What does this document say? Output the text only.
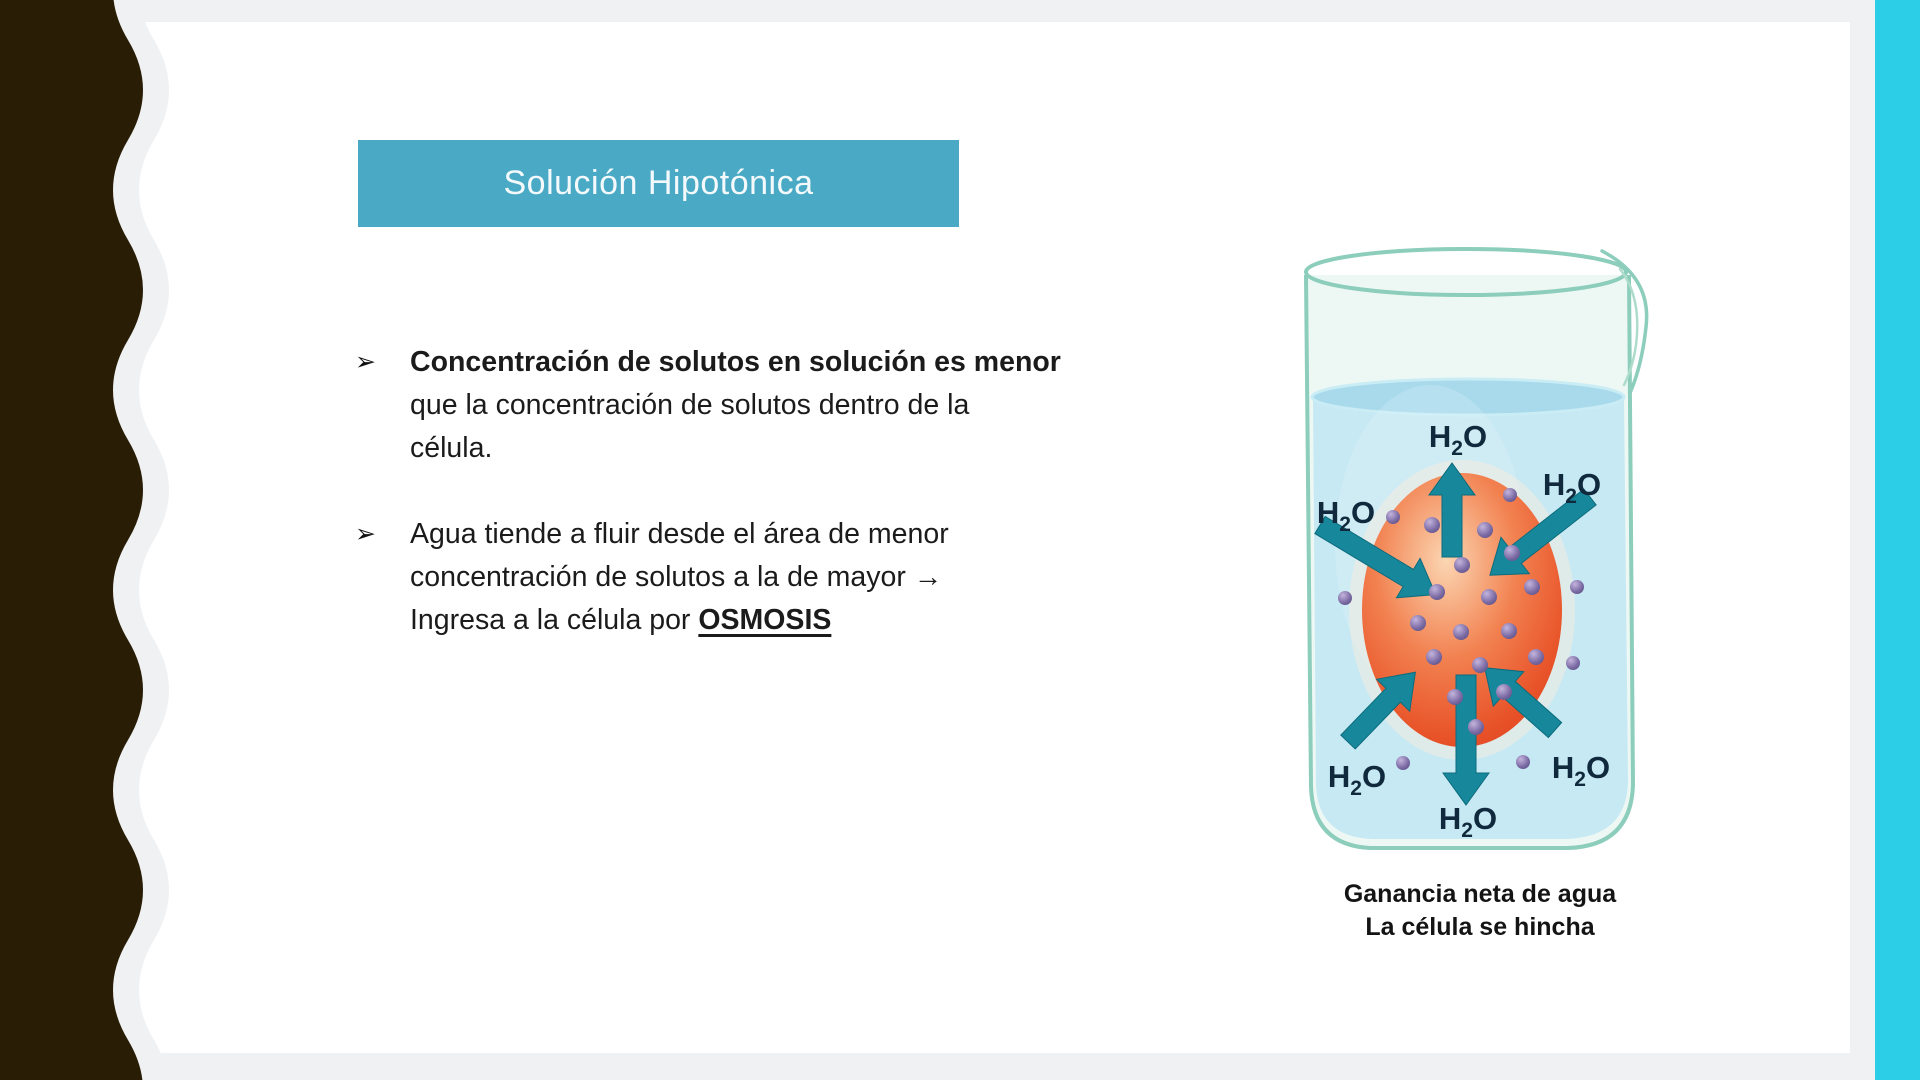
Solución Hipotónica
➢	Concentración de solutos en solución es menor
que la concentración de solutos dentro de la
célula.
➢	Agua tiende a fluir desde el área de menor
concentración de solutos a la de mayor →
Ingresa a la célula por OSMOSIS
$H_2O$
$H_2O$
$H_2O$
$H_2O$	$H_2O$
$H_2O$
Ganancia neta de agua
La célula se hincha
